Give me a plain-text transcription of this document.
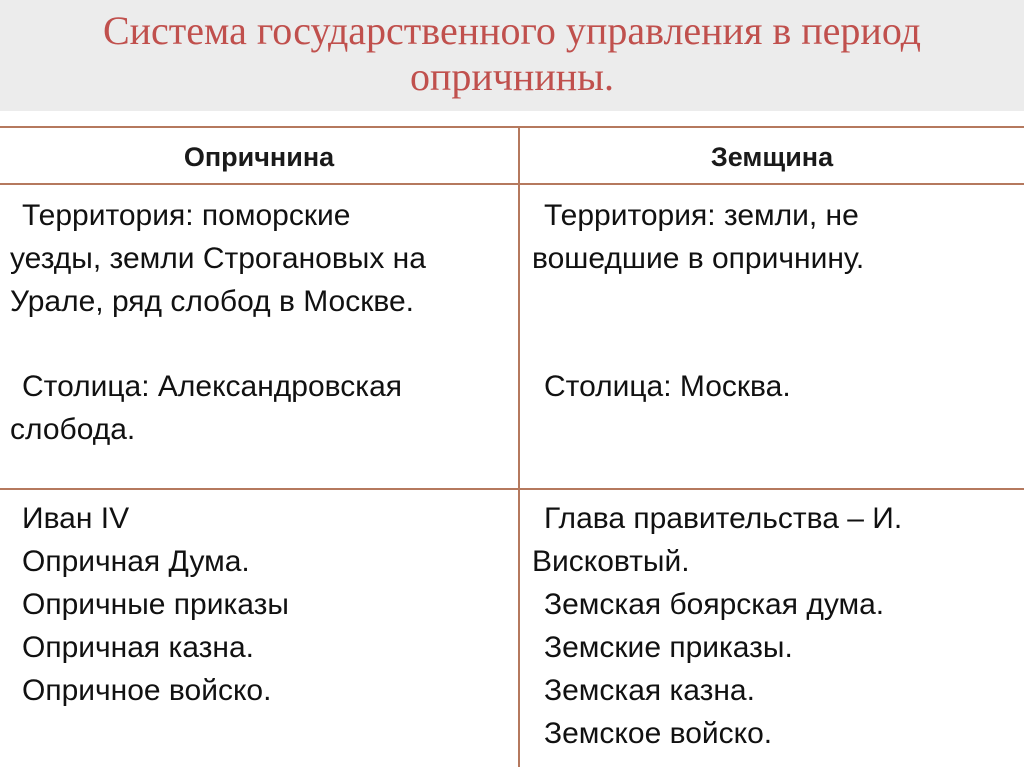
Система государственного управления в период
опричнины.
Опричнина	Земщина
Территория: поморские
уезды, земли Строгановых на
Урале, ряд слобод в Москве.
Столица: Александровская
слобода.
Территория: земли, не
вошедшие в опричнину.
Столица: Москва.
Иван IV
Опричная Дума.
Опричные приказы
Опричная казна.
Опричное войско.
Глава правительства – И.
Висковтый.
Земская боярская дума.
Земские приказы.
Земская казна.
Земское войско.
